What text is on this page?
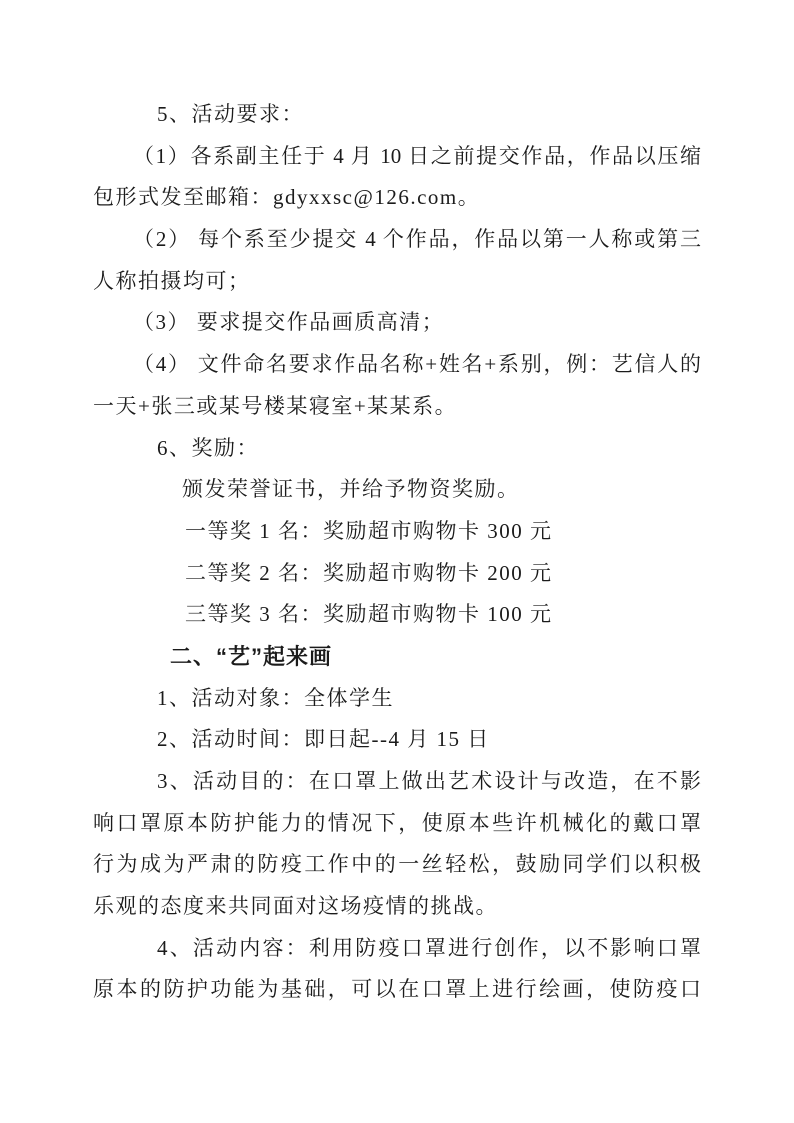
5、活动要求：
（1）各系副主任于 4 月 10 日之前提交作品，作品以压缩
包形式发至邮箱：gdyxxsc@126.com。
（2） 每个系至少提交 4 个作品，作品以第一人称或第三
人称拍摄均可；
（3） 要求提交作品画质高清；
（4） 文件命名要求作品名称+姓名+系别，例：艺信人的
一天+张三或某号楼某寝室+某某系。
6、奖励：
颁发荣誉证书，并给予物资奖励。
一等奖 1 名：奖励超市购物卡 300 元
二等奖 2 名：奖励超市购物卡 200 元
三等奖 3 名：奖励超市购物卡 100 元
二、“艺”起来画
1、活动对象：全体学生
2、活动时间：即日起--4 月 15 日
3、活动目的：在口罩上做出艺术设计与改造，在不影
响口罩原本防护能力的情况下，使原本些许机械化的戴口罩
行为成为严肃的防疫工作中的一丝轻松，鼓励同学们以积极
乐观的态度来共同面对这场疫情的挑战。
4、活动内容：利用防疫口罩进行创作，以不影响口罩
原本的防护功能为基础，可以在口罩上进行绘画，使防疫口
